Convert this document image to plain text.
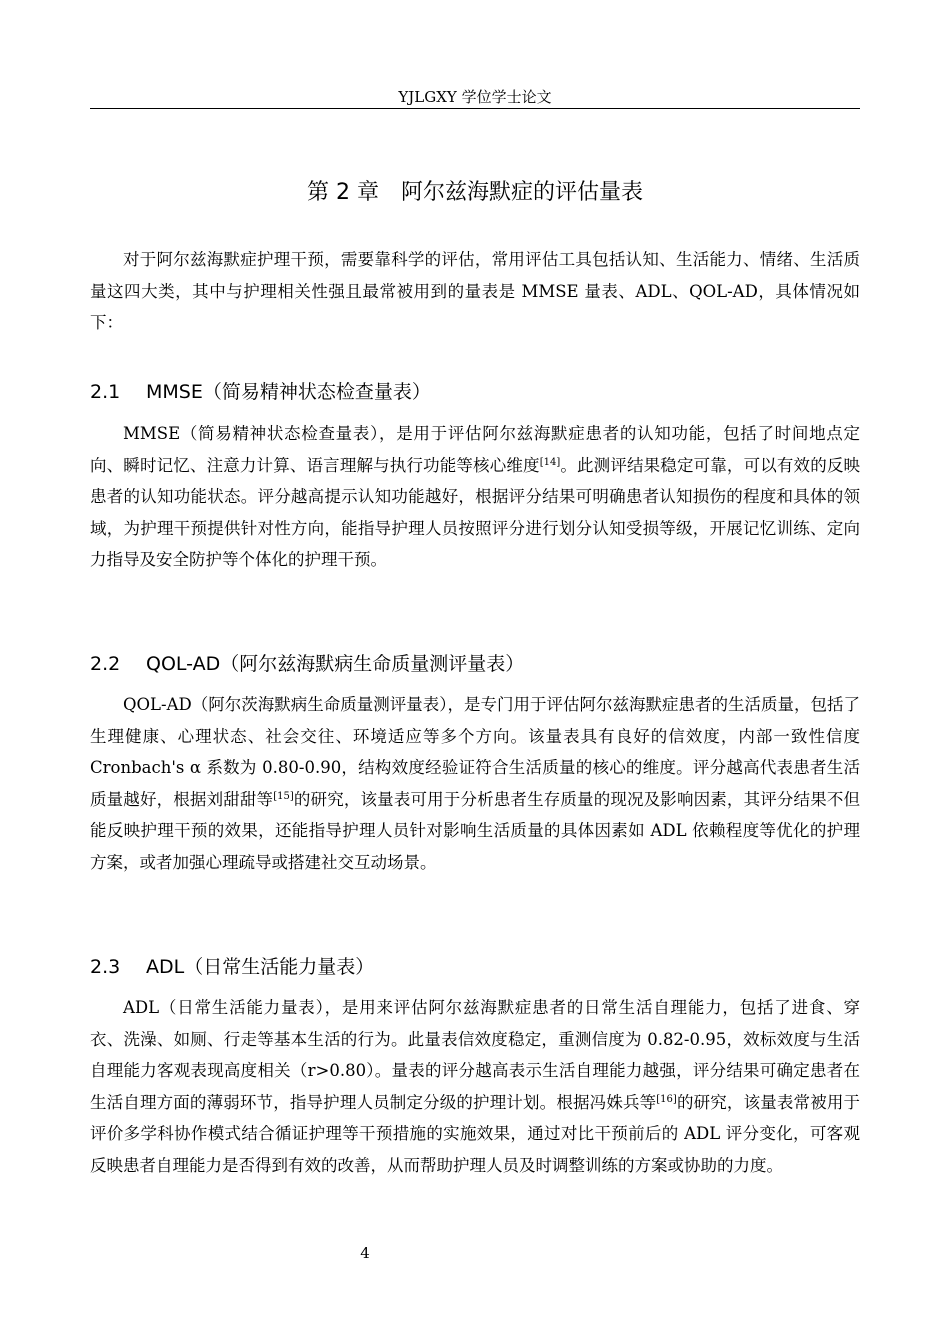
YJLGXY 学位学士论文
第 2 章　阿尔兹海默症的评估量表

对于阿尔兹海默症护理干预，需要靠科学的评估，常用评估工具包括认知、生活能力、情绪、生活质量这四大类，其中与护理相关性强且最常被用到的量表是 MMSE 量表、ADL、QOL-AD，具体情况如下：

2.1 MMSE（简易精神状态检查量表）

MMSE（简易精神状态检查量表），是用于评估阿尔兹海默症患者的认知功能，包括了时间地点定向、瞬时记忆、注意力计算、语言理解与执行功能等核心维度[14]。此测评结果稳定可靠，可以有效的反映患者的认知功能状态。评分越高提示认知功能越好，根据评分结果可明确患者认知损伤的程度和具体的领域，为护理干预提供针对性方向，能指导护理人员按照评分进行划分认知受损等级，开展记忆训练、定向力指导及安全防护等个体化的护理干预。

2.2 QOL-AD（阿尔兹海默病生命质量测评量表）

QOL-AD（阿尔茨海默病生命质量测评量表），是专门用于评估阿尔兹海默症患者的生活质量，包括了生理健康、心理状态、社会交往、环境适应等多个方向。该量表具有良好的信效度，内部一致性信度 Cronbach's α 系数为 0.80-0.90，结构效度经验证符合生活质量的核心的维度。评分越高代表患者生活质量越好，根据刘甜甜等[15]的研究，该量表可用于分析患者生存质量的现况及影响因素，其评分结果不但能反映护理干预的效果，还能指导护理人员针对影响生活质量的具体因素如 ADL 依赖程度等优化的护理方案，或者加强心理疏导或搭建社交互动场景。

2.3 ADL（日常生活能力量表）

ADL（日常生活能力量表），是用来评估阿尔兹海默症患者的日常生活自理能力，包括了进食、穿衣、洗澡、如厕、行走等基本生活的行为。此量表信效度稳定，重测信度为 0.82-0.95，效标效度与生活自理能力客观表现高度相关（r>0.80）。量表的评分越高表示生活自理能力越强，评分结果可确定患者在生活自理方面的薄弱环节，指导护理人员制定分级的护理计划。根据冯姝兵等[16]的研究，该量表常被用于评价多学科协作模式结合循证护理等干预措施的实施效果，通过对比干预前后的 ADL 评分变化，可客观反映患者自理能力是否得到有效的改善，从而帮助护理人员及时调整训练的方案或协助的力度。

4
